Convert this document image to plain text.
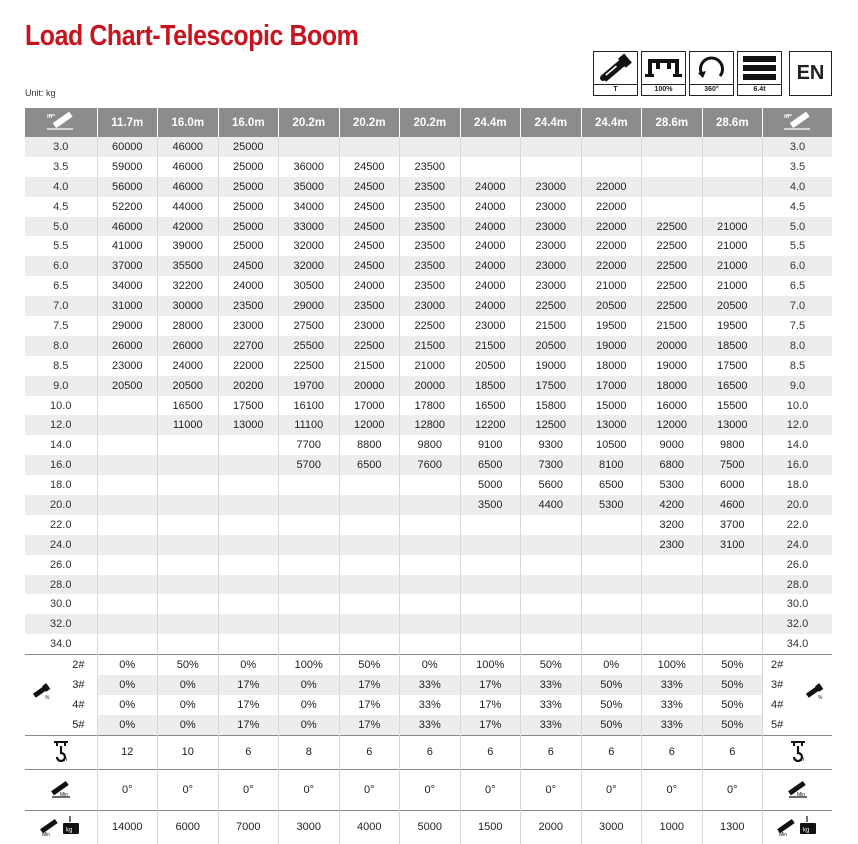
Load Chart-Telescopic Boom
Unit: kg	T	100%	360°	6.4t
EN
m	11.7m	16.0m	16.0m	20.2m	20.2m	20.2m	24.4m	24.4m	24.4m	28.6m	28.6m	m

3.0	60000	46000	25000									3.0
3.5	59000	46000	25000	36000	24500	23500						3.5
4.0	56000	46000	25000	35000	24500	23500	24000	23000	22000			4.0
4.5	52200	44000	25000	34000	24500	23500	24000	23000	22000			4.5
5.0	46000	42000	25000	33000	24500	23500	24000	23000	22000	22500	21000	5.0
5.5	41000	39000	25000	32000	24500	23500	24000	23000	22000	22500	21000	5.5
6.0	37000	35500	24500	32000	24500	23500	24000	23000	22000	22500	21000	6.0
6.5	34000	32200	24000	30500	24000	23500	24000	23000	21000	22500	21000	6.5
7.0	31000	30000	23500	29000	23500	23000	24000	22500	20500	22500	20500	7.0
7.5	29000	28000	23000	27500	23000	22500	23000	21500	19500	21500	19500	7.5
8.0	26000	26000	22700	25500	22500	21500	21500	20500	19000	20000	18500	8.0
8.5	23000	24000	22000	22500	21500	21000	20500	19000	18000	19000	17500	8.5
9.0	20500	20500	20200	19700	20000	20000	18500	17500	17000	18000	16500	9.0
10.0		16500	17500	16100	17000	17800	16500	15800	15000	16000	15500	10.0
12.0		11000	13000	11100	12000	12800	12200	12500	13000	12000	13000	12.0
14.0				7700	8800	9800	9100	9300	10500	9000	9800	14.0
16.0				5700	6500	7600	6500	7300	8100	6800	7500	16.0
18.0							5000	5600	6500	5300	6000	18.0
20.0							3500	4400	5300	4200	4600	20.0
22.0										3200	3700	22.0
24.0										2300	3100	24.0
26.0												26.0
28.0												28.0
30.0												30.0
32.0												32.0
34.0												34.0
2#	0%	50%	0%	100%	50%	0%	100%	50%	0%	100%	50%	2#

%
3#	0%	0%	17%	0%	17%	33%	17%	33%	50%	33%	50%	3#
%

4#	0%	0%	17%	0%	17%	33%	17%	33%	50%	33%	50%	4#
5#	0%	0%	17%	0%	17%	33%	17%	33%	50%	33%	50%	5#

n	12	10	6	8	6	6	6	6	6	6	6	n

Min	0°	0°	0°	0°	0°	0°	0°	0°	0°	0°	0°	Min

Min
kg	14000	6000	7000	3000	4000	5000	1500	2000	3000	1000	1300	Min
kg
